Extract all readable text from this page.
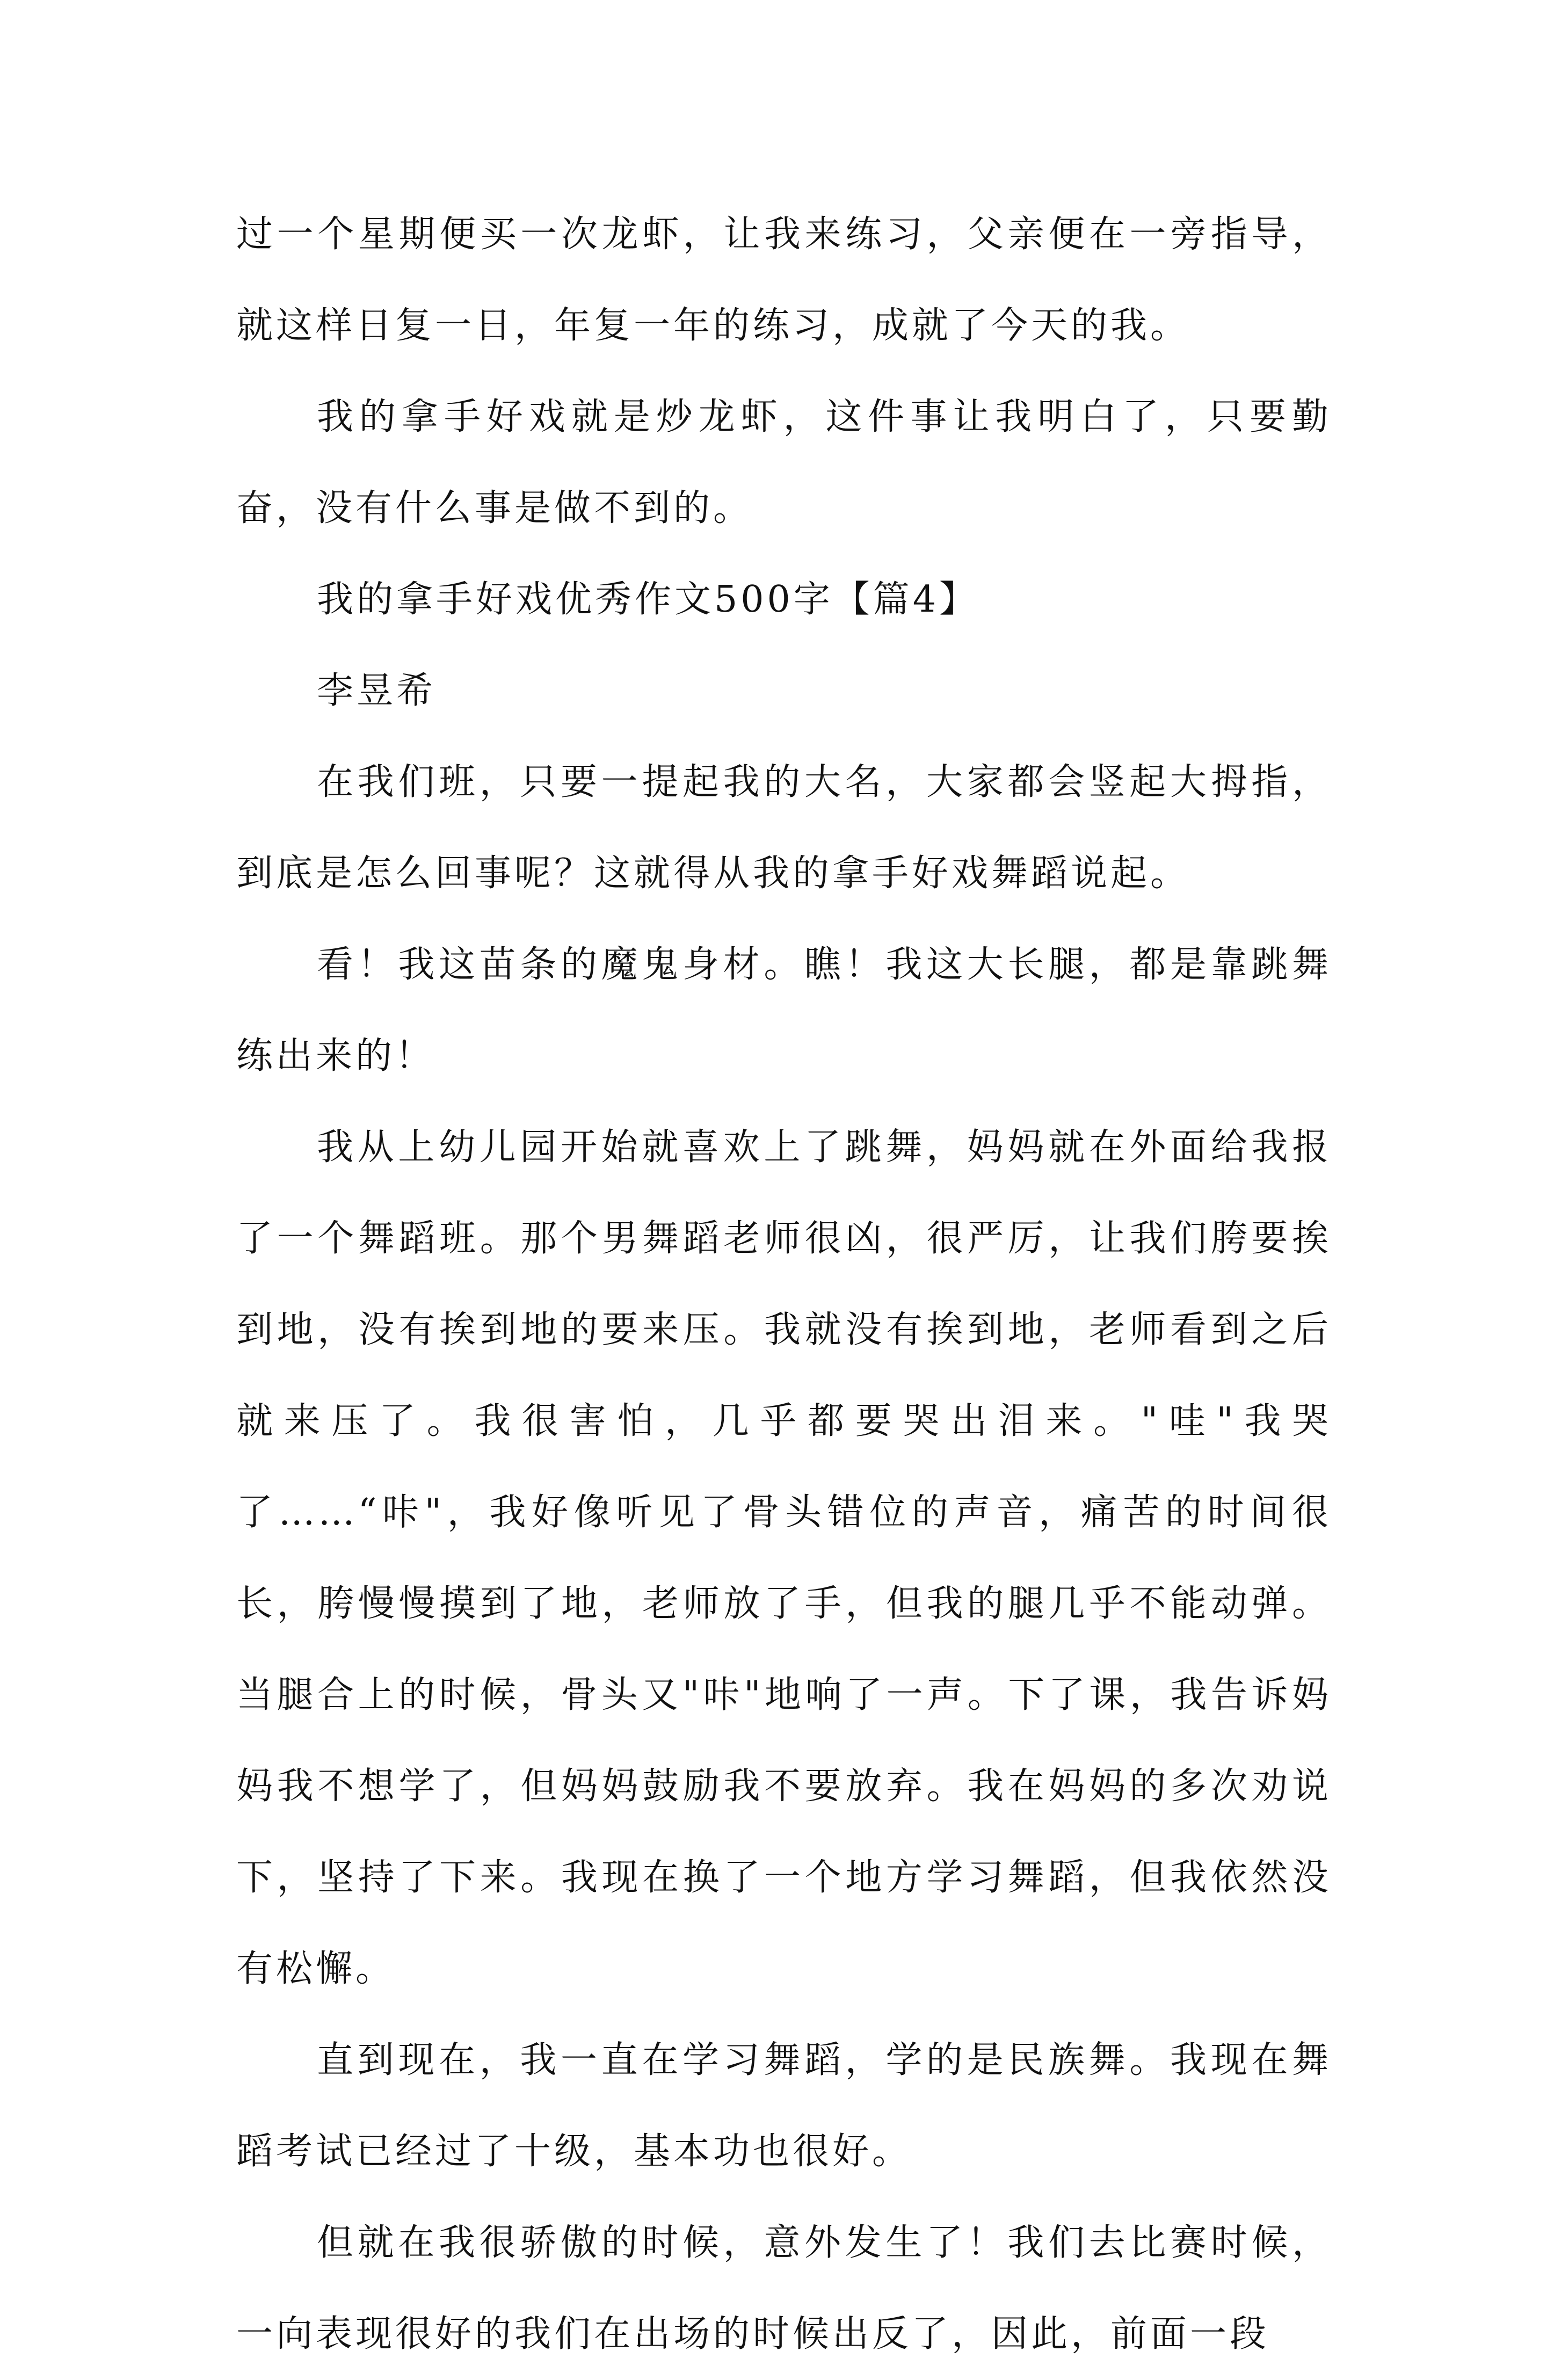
过一个星期便买一次龙虾，让我来练习，父亲便在一旁指导，就这样日复一日，年复一年的练习，成就了今天的我。

我的拿手好戏就是炒龙虾，这件事让我明白了，只要勤奋，没有什么事是做不到的。

我的拿手好戏优秀作文500字【篇4】

李昱希

在我们班，只要一提起我的大名，大家都会竖起大拇指，到底是怎么回事呢？这就得从我的拿手好戏舞蹈说起。

看！我这苗条的魔鬼身材。瞧！我这大长腿，都是靠跳舞练出来的！

我从上幼儿园开始就喜欢上了跳舞，妈妈就在外面给我报了一个舞蹈班。那个男舞蹈老师很凶，很严厉，让我们胯要挨到地，没有挨到地的要来压。我就没有挨到地，老师看到之后就来压了。我很害怕，几乎都要哭出泪来。"哇"我哭了……“咔"，我好像听见了骨头错位的声音，痛苦的时间很长，胯慢慢摸到了地，老师放了手，但我的腿几乎不能动弹。当腿合上的时候，骨头又"咔"地响了一声。下了课，我告诉妈妈我不想学了，但妈妈鼓励我不要放弃。我在妈妈的多次劝说下，坚持了下来。我现在换了一个地方学习舞蹈，但我依然没有松懈。

直到现在，我一直在学习舞蹈，学的是民族舞。我现在舞蹈考试已经过了十级，基本功也很好。

但就在我很骄傲的时候，意外发生了！我们去比赛时候，一向表现很好的我们在出场的时候出反了，因此，前面一段
